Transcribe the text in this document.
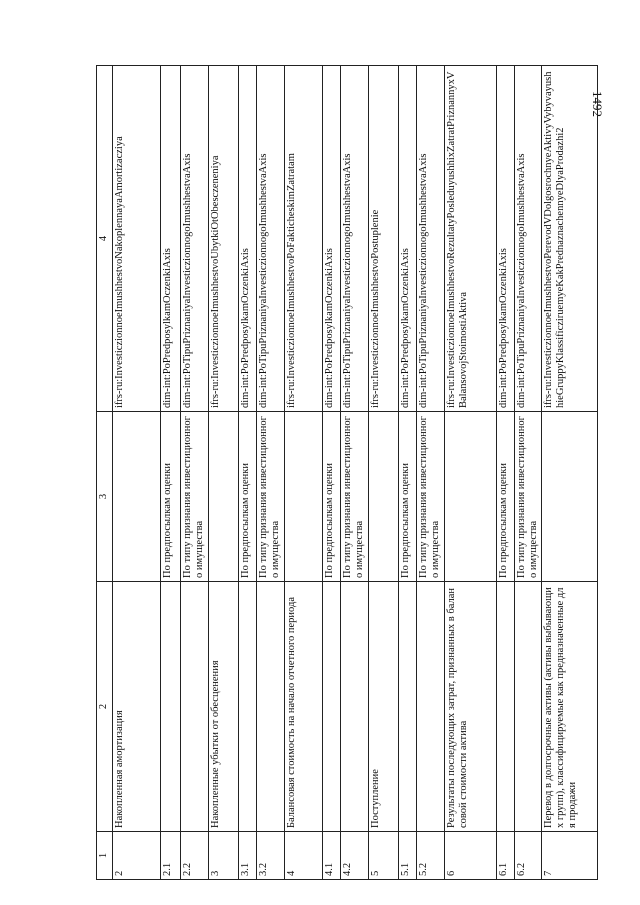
1492
1	2	3	4
2	Накопленная амортизация		ifrs-ru:InvesticzionnoeImushhestvoNakoplennayaAmortizacziya
2.1		По предпосылкам оценки	dim-int:PoPredposylkamOczenkiAxis
2.2		По типу признания инвестиционного имущества	dim-int:PoTipuPriznaniyaInvesticzionnogoImushhestvaAxis
3	Накопленные убытки от обесценения		ifrs-ru:InvesticzionnoeImushhestvoUbytkiOtObesczeneniya
3.1		По предпосылкам оценки	dim-int:PoPredposylkamOczenkiAxis
3.2		По типу признания инвестиционного имущества	dim-int:PoTipuPriznaniyaInvesticzionnogoImushhestvaAxis
4	Балансовая стоимость на начало отчетного периода		ifrs-ru:InvesticzionnoeImushhestvoPoFakticheskimZatratam
4.1		По предпосылкам оценки	dim-int:PoPredposylkamOczenkiAxis
4.2		По типу признания инвестиционного имущества	dim-int:PoTipuPriznaniyaInvesticzionnogoImushhestvaAxis
5	Поступление		ifrs-ru:InvesticzionnoeImushhestvoPostuplenie
5.1		По предпосылкам оценки	dim-int:PoPredposylkamOczenkiAxis
5.2		По типу признания инвестиционного имущества	dim-int:PoTipuPriznaniyaInvesticzionnogoImushhestvaAxis
6	Результаты последующих затрат, признанных в балансовой стоимости актива		ifrs-ru:InvesticzionnoeImushhestvoRezultatyPosleduyushhixZatratPriznannyxVBalansovojStoimostiAktiva
6.1		По предпосылкам оценки	dim-int:PoPredposylkamOczenkiAxis
6.2		По типу признания инвестиционного имущества	dim-int:PoTipuPriznaniyaInvesticzionnogoImushhestvaAxis
7	Перевод в долгосрочные активы (активы выбывающих групп), классифицируемые как предназначенные для продажи		ifrs-ru:InvesticzionnoeImushhestvoPerevodVDolgosrochnyeAktivyVybyvayushhieGruppyKlassificziruemyeKakPrednaznachennyeDlyaProdazhi2
